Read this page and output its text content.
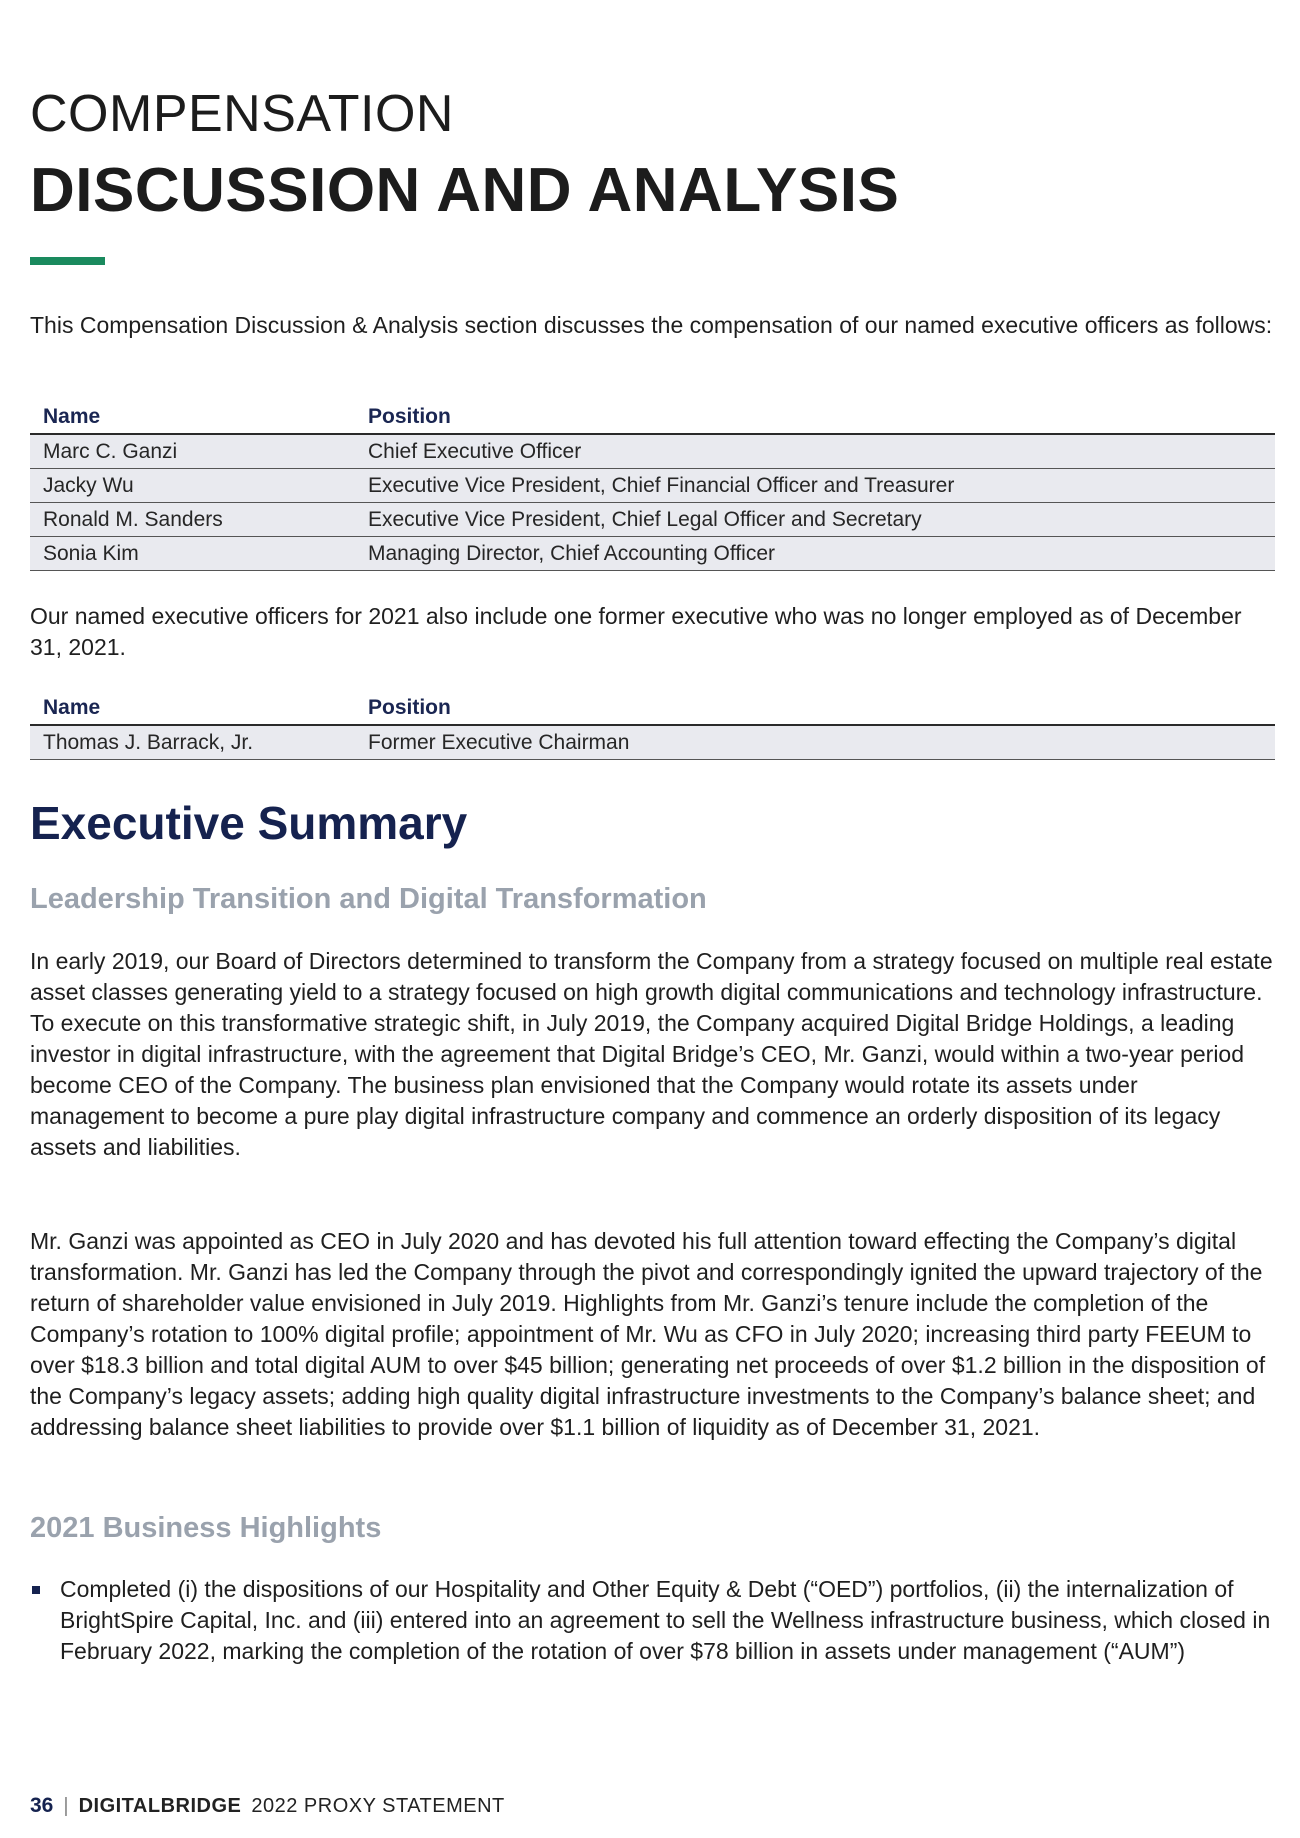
COMPENSATION
DISCUSSION AND ANALYSIS
This Compensation Discussion & Analysis section discusses the compensation of our named executive officers as follows:
Name	Position
Marc C. Ganzi	Chief Executive Officer
Jacky Wu	Executive Vice President, Chief Financial Officer and Treasurer
Ronald M. Sanders	Executive Vice President, Chief Legal Officer and Secretary
Sonia Kim	Managing Director, Chief Accounting Officer
Our named executive officers for 2021 also include one former executive who was no longer employed as of December 31, 2021.
Name	Position
Thomas J. Barrack, Jr.	Former Executive Chairman
Executive Summary
Leadership Transition and Digital Transformation
In early 2019, our Board of Directors determined to transform the Company from a strategy focused on multiple real estate asset classes generating yield to a strategy focused on high growth digital communications and technology infrastructure. To execute on this transformative strategic shift, in July 2019, the Company acquired Digital Bridge Holdings, a leading investor in digital infrastructure, with the agreement that Digital Bridge’s CEO, Mr. Ganzi, would within a two-year period become CEO of the Company. The business plan envisioned that the Company would rotate its assets under management to become a pure play digital infrastructure company and commence an orderly disposition of its legacy assets and liabilities.
Mr. Ganzi was appointed as CEO in July 2020 and has devoted his full attention toward effecting the Company’s digital transformation. Mr. Ganzi has led the Company through the pivot and correspondingly ignited the upward trajectory of the return of shareholder value envisioned in July 2019. Highlights from Mr. Ganzi’s tenure include the completion of the Company’s rotation to 100% digital profile; appointment of Mr. Wu as CFO in July 2020; increasing third party FEEUM to over $18.3 billion and total digital AUM to over $45 billion; generating net proceeds of over $1.2 billion in the disposition of the Company’s legacy assets; adding high quality digital infrastructure investments to the Company’s balance sheet; and addressing balance sheet liabilities to provide over $1.1 billion of liquidity as of December 31, 2021.
2021 Business Highlights
Completed (i) the dispositions of our Hospitality and Other Equity & Debt (“OED”) portfolios, (ii) the internalization of BrightSpire Capital, Inc. and (iii) entered into an agreement to sell the Wellness infrastructure business, which closed in February 2022, marking the completion of the rotation of over $78 billion in assets under management (“AUM”)
36 | DIGITALBRIDGE 2022 PROXY STATEMENT
